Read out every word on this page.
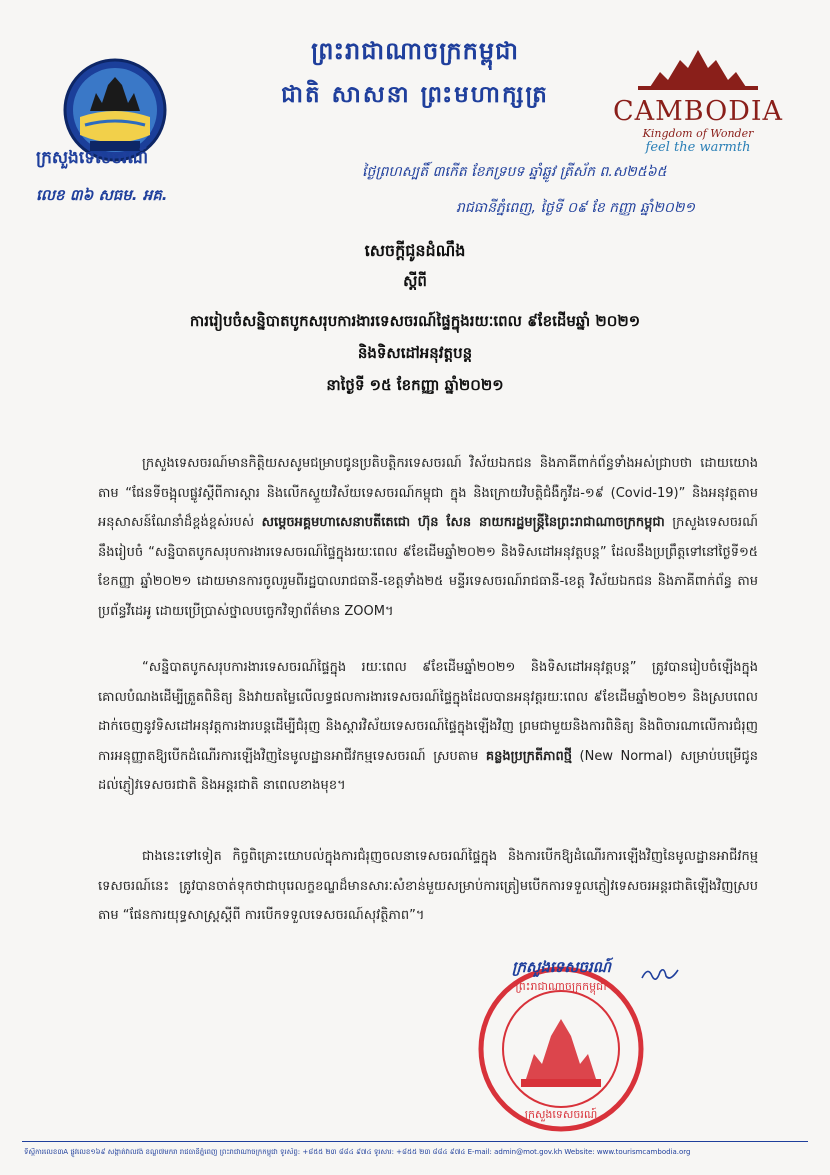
ព្រះរាជាណាចក្រកម្ពុជា
ជាតិ សាសនា ព្រះមហាក្សត្រ
ក្រសួងទេសចរណ៍
លេខ ៣៦ សធម. អគ.
CAMBODIA
Kingdom of Wonder
feel the warmth
ថ្ងៃព្រហស្បតិ៍ ៣កើត ខែភទ្របទ ឆ្នាំឆ្លូវ ត្រីស័ក ព.ស២៥៦៥
រាជធានីភ្នំពេញ, ថ្ងៃទី ០៩ ខែ កញ្ញា ឆ្នាំ២០២១
សេចក្ដីជូនដំណឹង
ស្ដីពី
ការរៀបចំសន្និបាតបូកសរុបការងារទេសចរណ៍ផ្ទៃក្នុងរយៈពេល ៩ខែដើមឆ្នាំ ២០២១
និងទិសដៅអនុវត្តបន្ត
នាថ្ងៃទី ១៥ ខែកញ្ញា ឆ្នាំ២០២១
ក្រសួងទេសចរណ៍មានកិត្តិយសសូមជម្រាបជូនប្រតិបត្តិករទេសចរណ៍ វិស័យឯកជន និងភាគីពាក់ព័ន្ធទាំងអស់ជ្រាបថា ដោយយោងតាម “ផែនទីចង្អុលផ្លូវស្ដីពីការស្ដារ និងលើកស្ទួយវិស័យទេសចរណ៍កម្ពុជា ក្នុង និងក្រោយវិបត្តិជំងឺកូវីដ-១៩ (Covid-19)” និងអនុវត្តតាមអនុសាសន៍ណែនាំដ៏ខ្ពង់ខ្ពស់របស់ សម្ដេចអគ្គមហាសេនាបតីតេជោ ហ៊ុន សែន នាយករដ្ឋមន្ត្រីនៃព្រះរាជាណាចក្រកម្ពុជា ក្រសួងទេសចរណ៍នឹងរៀបចំ “សន្និបាតបូកសរុបការងារទេសចរណ៍ផ្ទៃក្នុងរយៈពេល ៩ខែដើមឆ្នាំ២០២១ និងទិសដៅអនុវត្តបន្ត” ដែលនឹងប្រព្រឹត្តទៅនៅថ្ងៃទី១៥ ខែកញ្ញា ឆ្នាំ២០២១ ដោយមានការចូលរួមពីរដ្ឋបាលរាជធានី-ខេត្តទាំង២៥ មន្ទីរទេសចរណ៍រាជធានី-ខេត្ត វិស័យឯកជន និងភាគីពាក់ព័ន្ធ តាមប្រព័ន្ធវីដេអូ ដោយប្រើប្រាស់ថ្នាលបច្ចេកវិទ្យាព័ត៌មាន ZOOM។
“សន្និបាតបូកសរុបការងារទេសចរណ៍ផ្ទៃក្នុង រយៈពេល ៩ខែដើមឆ្នាំ២០២១ និងទិសដៅអនុវត្តបន្ត” ត្រូវបានរៀបចំឡើងក្នុងគោលបំណងដើម្បីត្រួតពិនិត្យ និងវាយតម្លៃលើលទ្ធផលការងារទេសចរណ៍ផ្ទៃក្នុងដែលបានអនុវត្តរយៈពេល ៩ខែដើមឆ្នាំ២០២១ និងស្របពេលដាក់ចេញនូវទិសដៅអនុវត្តការងារបន្តដើម្បីជំរុញ និងស្ដារវិស័យទេសចរណ៍ផ្ទៃក្នុងឡើងវិញ ព្រមជាមួយនិងការពិនិត្យ និងពិចារណាលើការជំរុញការអនុញ្ញាតឱ្យបើកដំណើរការឡើងវិញនៃមូលដ្ឋានអាជីវកម្មទេសចរណ៍ ស្របតាម គន្លងប្រក្រតីភាពថ្មី (New Normal) សម្រាប់បម្រើជូនដល់ភ្ញៀវទេសចរជាតិ និងអន្តរជាតិ នាពេលខាងមុខ។
ជាងនេះទៅទៀត កិច្ចពិគ្រោះយោបល់ក្នុងការជំរុញចលនាទេសចរណ៍ផ្ទៃក្នុង និងការបើកឱ្យដំណើរការឡើងវិញនៃមូលដ្ឋានអាជីវកម្មទេសចរណ៍នេះ ត្រូវបានចាត់ទុកថាជាបុរេលក្ខខណ្ឌដ៏មានសារៈសំខាន់មួយសម្រាប់ការត្រៀមបើកការទទួលភ្ញៀវទេសចរអន្តរជាតិឡើងវិញស្របតាម “ផែនការយុទ្ធសាស្ត្រស្ដីពី ការបើកទទួលទេសចរណ៍សុវត្ថិភាព”។
ព្រះរាជាណាចក្រកម្ពុជា
ក្រសួងទេសចរណ៍
ក្រសួងទេសចរណ៍
ទីស្ដីការលេខ៣A ផ្លូវលេខ១៦៩ សង្កាត់វាលវង់ ខណ្ឌ៧មករា រាជធានីភ្នំពេញ ព្រះរាជាណាចក្រកម្ពុជា ទូរស័ព្ទ: +៨៥៥ ២៣ ៨៨៤ ៩៧៤ ទូរសារ: +៨៥៥ ២៣ ៨៨៤ ៩៧៤ E-mail: admin@mot.gov.kh Website: www.tourismcambodia.org
